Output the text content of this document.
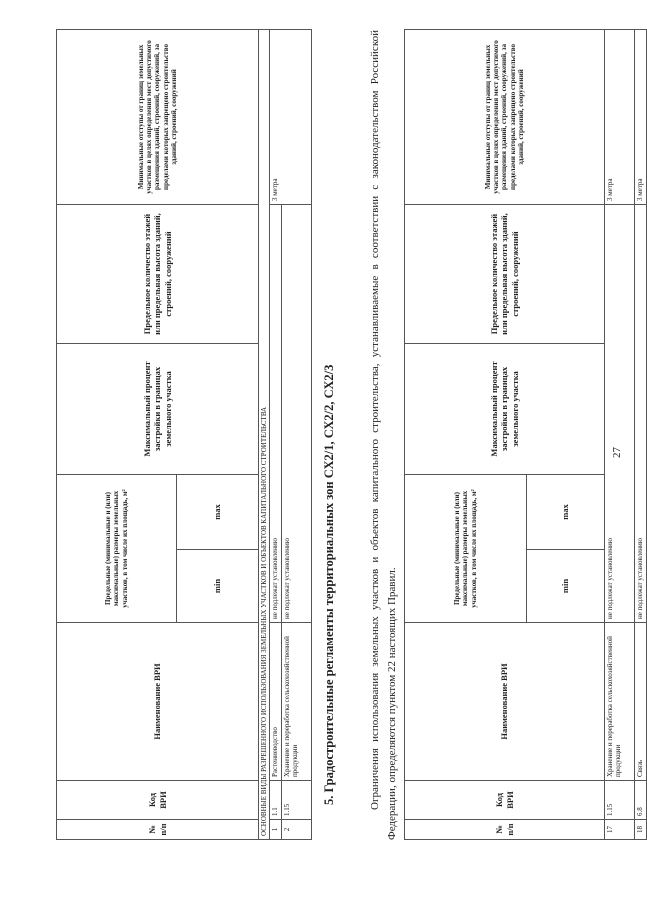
27
№ п/п	Код ВРИ	Наименование ВРИ	Предельные (минимальные и (или) максимальные) размеры земельных участков, в том числе их площадь, м²		Максимальный процент застройки в границах земельного участка	Предельное количество этажей или предельная высота зданий, строений, сооружений	Минимальные отступы от границ земельных участков в целях определения мест допустимого размещения зданий, строений, сооружений, за пределами которых запрещено строительство зданий, строений, сооружений
			min	max			
17	1.15	Хранение и переработка сельскохозяйственной продукции	не подлежат установлению				3 метра
18	6.8	Связь	не подлежат установлению				3 метра
Ограничения использования земельных участков и объектов капитального строительства, устанавливаемые в соответствии с законодательством Российской Федерации, определяются пунктом 22 настоящих Правил.
5. Градостроительные регламенты территориальных зон СХ2/1, СХ2/2, СХ2/3
№ п/п	Код ВРИ	Наименование ВРИ	Предельные (минимальные и (или) максимальные) размеры земельных участков, в том числе их площадь, м²		Максимальный процент застройки в границах земельного участка	Предельное количество этажей или предельная высота зданий, строений, сооружений	Минимальные отступы от границ земельных участков в целях определения мест допустимого размещения зданий, строений, сооружений, за пределами которых запрещено строительство зданий, строений, сооружений
			min	max			
ОСНОВНЫЕ ВИДЫ РАЗРЕШЕННОГО ИСПОЛЬЗОВАНИЯ ЗЕМЕЛЬНЫХ УЧАСТКОВ И ОБЪЕКТОВ КАПИТАЛЬНОГО СТРОИТЕЛЬСТВА							
1	1.1	Растениеводство	не подлежат установлению				3 метра
2	1.15	Хранение и переработка сельскохозяйственной продукции	не подлежат установлению				
